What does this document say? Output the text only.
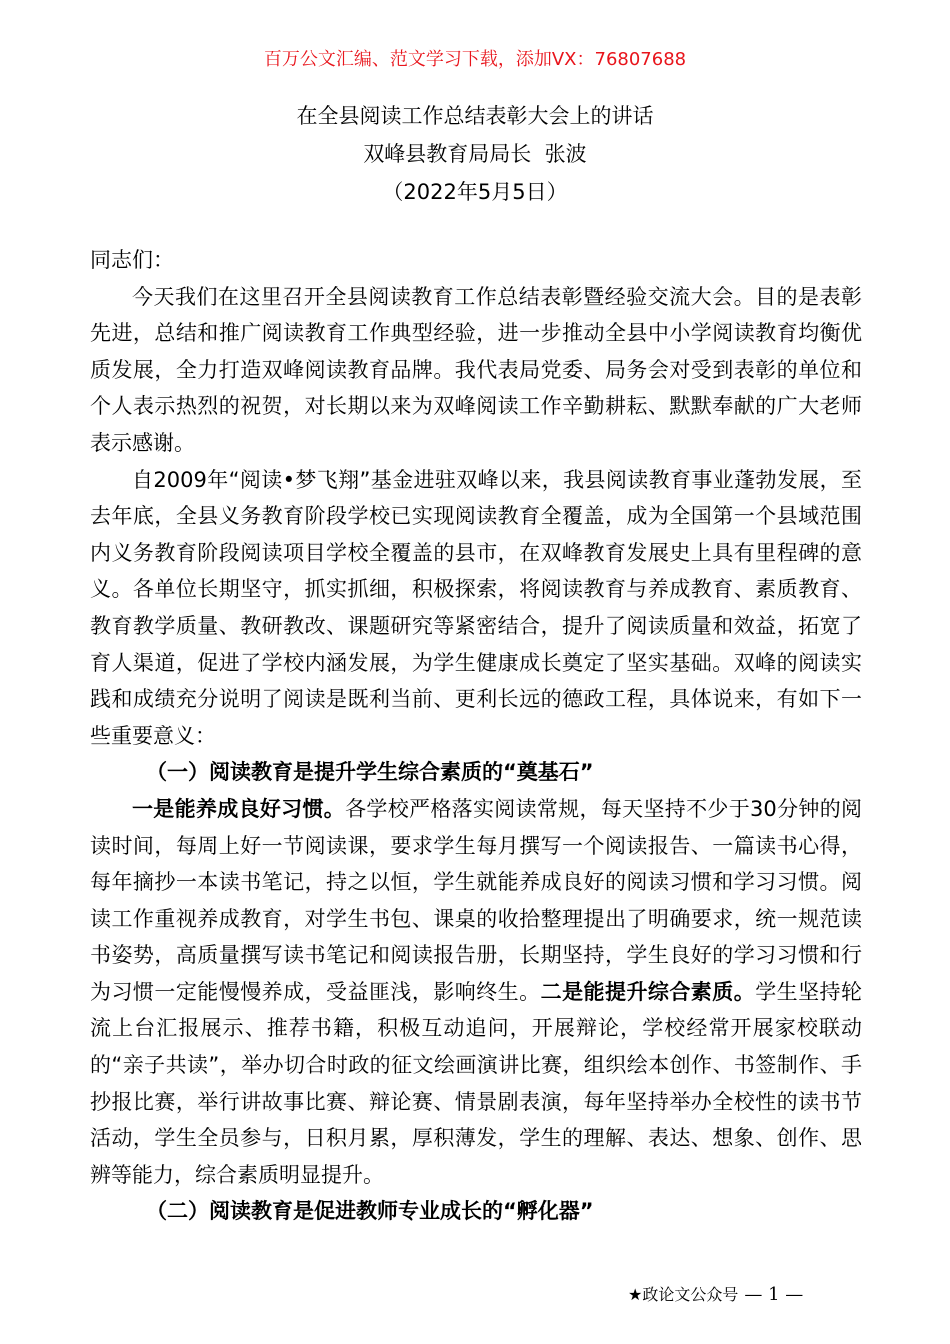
百万公文汇编、范文学习下载，添加VX：76807688
在全县阅读工作总结表彰大会上的讲话
双峰县教育局局长  张波
（2022年5月5日）

同志们：

今天我们在这里召开全县阅读教育工作总结表彰暨经验交流大会。目的是表彰先进，总结和推广阅读教育工作典型经验，进一步推动全县中小学阅读教育均衡优质发展，全力打造双峰阅读教育品牌。我代表局党委、局务会对受到表彰的单位和个人表示热烈的祝贺，对长期以来为双峰阅读工作辛勤耕耘、默默奉献的广大老师表示感谢。

自2009年“阅读•梦飞翔”基金进驻双峰以来，我县阅读教育事业蓬勃发展，至去年底，全县义务教育阶段学校已实现阅读教育全覆盖，成为全国第一个县域范围内义务教育阶段阅读项目学校全覆盖的县市，在双峰教育发展史上具有里程碑的意义。各单位长期坚守，抓实抓细，积极探索，将阅读教育与养成教育、素质教育、教育教学质量、教研教改、课题研究等紧密结合，提升了阅读质量和效益，拓宽了育人渠道，促进了学校内涵发展，为学生健康成长奠定了坚实基础。双峰的阅读实践和成绩充分说明了阅读是既利当前、更利长远的德政工程，具体说来，有如下一些重要意义：

（一）阅读教育是提升学生综合素质的“奠基石”

一是能养成良好习惯。各学校严格落实阅读常规，每天坚持不少于30分钟的阅读时间，每周上好一节阅读课，要求学生每月撰写一个阅读报告、一篇读书心得，每年摘抄一本读书笔记，持之以恒，学生就能养成良好的阅读习惯和学习习惯。阅读工作重视养成教育，对学生书包、课桌的收拾整理提出了明确要求，统一规范读书姿势，高质量撰写读书笔记和阅读报告册，长期坚持，学生良好的学习习惯和行为习惯一定能慢慢养成，受益匪浅，影响终生。二是能提升综合素质。学生坚持轮流上台汇报展示、推荐书籍，积极互动追问，开展辩论，学校经常开展家校联动的“亲子共读”，举办切合时政的征文绘画演讲比赛，组织绘本创作、书签制作、手抄报比赛，举行讲故事比赛、辩论赛、情景剧表演，每年坚持举办全校性的读书节活动，学生全员参与，日积月累，厚积薄发，学生的理解、表达、想象、创作、思辨等能力，综合素质明显提升。

（二）阅读教育是促进教师专业成长的“孵化器”

★政论文公众号 — 1 —
